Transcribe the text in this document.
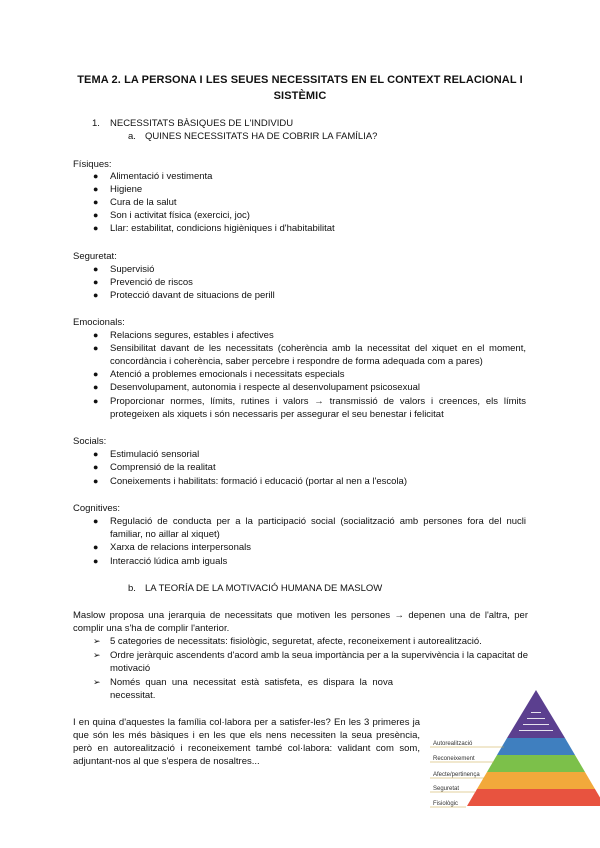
TEMA 2. LA PERSONA I LES SEUES NECESSITATS EN EL CONTEXT RELACIONAL I SISTÈMIC
1. NECESSITATS BÀSIQUES DE L'INDIVIDU
a. QUINES NECESSITATS HA DE COBRIR LA FAMÍLIA?
Físiques:
● Alimentació i vestimenta
● Higiene
● Cura de la salut
● Son i activitat física (exercici, joc)
● Llar: estabilitat, condicions higièniques i d'habitabilitat
Seguretat:
● Supervisió
● Prevenció de riscos
● Protecció davant de situacions de perill
Emocionals:
● Relacions segures, estables i afectives
● Sensibilitat davant de les necessitats (coherència amb la necessitat del xiquet en el moment, concordància i coherència, saber percebre i respondre de forma adequada com a pares)
● Atenció a problemes emocionals i necessitats especials
● Desenvolupament, autonomia i respecte al desenvolupament psicosexual
● Proporcionar normes, límits, rutines i valors → transmissió de valors i creences, els límits protegeixen als xiquets i són necessaris per assegurar el seu benestar i felicitat
Socials:
● Estimulació sensorial
● Comprensió de la realitat
● Coneixements i habilitats: formació i educació (portar al nen a l'escola)
Cognitives:
● Regulació de conducta per a la participació social (socialització amb persones fora del nucli familiar, no aillar al xiquet)
● Xarxa de relacions interpersonals
● Interacció lúdica amb iguals
b. LA TEORÍA DE LA MOTIVACIÓ HUMANA DE MASLOW
Maslow proposa una jerarquia de necessitats que motiven les persones → depenen una de l'altra, per complir una s'ha de complir l'anterior.
➢ 5 categories de necessitats: fisiològic, seguretat, afecte, reconeixement i autorealització.
➢ Ordre jeràrquic ascendents d'acord amb la seua importància per a la supervivència i la capacitat de motivació
➢ Només quan una necessitat està satisfeta, es dispara la nova necessitat.
I en quina d'aquestes la família col·labora per a satisfer-les? En les 3 primeres ja que són les més bàsiques i en les que els nens necessiten la seua presència, però en autorealització i reconeixement també col·labora: validant com som, adjuntant-nos al que s'espera de nosaltres...
Autorealització
Reconeixement
Afecte/pertinença
Seguretat
Fisiològic
